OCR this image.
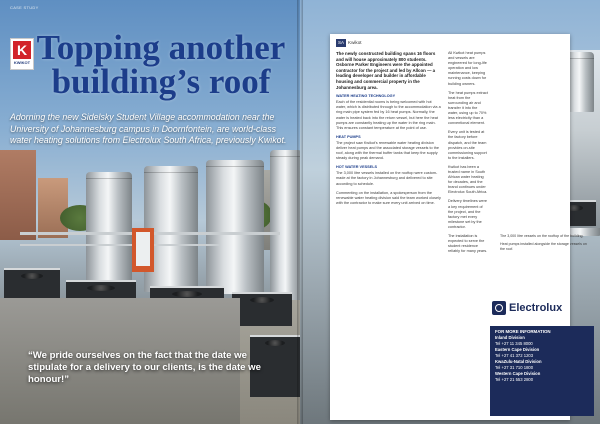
CASE STUDY
K
KWIKOT Topping another
building’s roof
Adorning the new Sidelsky Student Village accommodation near the University of Johannesburg campus in Doornfontein, are world-class water heating solutions from Electrolux South Africa, previously Kwikot.
“We pride ourselves on the fact that the date we stipulate for a delivery to our clients, is the date we honour!”
SA Kwikot

The newly constructed building spans 16 floors and will house approximately 800 students. Osborne Parker Engineers were the appointed contractor for the project and led by Allcon — a leading developer and builder in affordable housing and commercial property in the Johannesburg area.

WATER HEATING TECHNOLOGY

Each of the residential rooms is being welcomed with hot water, which is distributed through to the accommodation via a ring main pipe system fed by 16 heat pumps. Normally, the water is heated back into the return vessel, but here the heat pumps are constantly heating up the water in the ring main. This ensures constant temperature at the point of use.

HEAT PUMPS

The project saw Kwikot's renewable water heating division deliver heat pumps and the associated storage vessels to the roof, along with the thermal buffer tanks that keep the supply steady during peak demand.

HOT WATER VESSELS

The 3,000 litre vessels installed on the rooftop were custom-made at the factory in Johannesburg and delivered to site according to schedule.

Commenting on the installation, a spokesperson from the renewable water heating division said the team worked closely with the contractor to make sure every unit arrived on time.

All Kwikot heat pumps and vessels are engineered for long-life operation and low maintenance, keeping running costs down for building owners.

The heat pumps extract heat from the surrounding air and transfer it into the water, using up to 70% less electricity than a conventional element.

Every unit is tested at the factory before dispatch, and the team provides on-site commissioning support to the installers.

Kwikot has been a trusted name in South African water heating for decades, and the brand continues under Electrolux South Africa.

Delivery timelines were a key requirement of the project, and the factory met every milestone set by the contractor.

The installation is expected to serve the student residence reliably for many years.

The 3,000 litre vessels on the rooftop of the building.

Heat pumps installed alongside the storage vessels on the roof.

Electrolux
FOR MORE INFORMATION
Inland Division
Tel +27 11 345 8000
Eastern Cape Division
Tel +27 41 372 1203
KwaZulu-Natal Division
Tel +27 31 710 1800
Western Cape Division
Tel +27 21 553 2800
